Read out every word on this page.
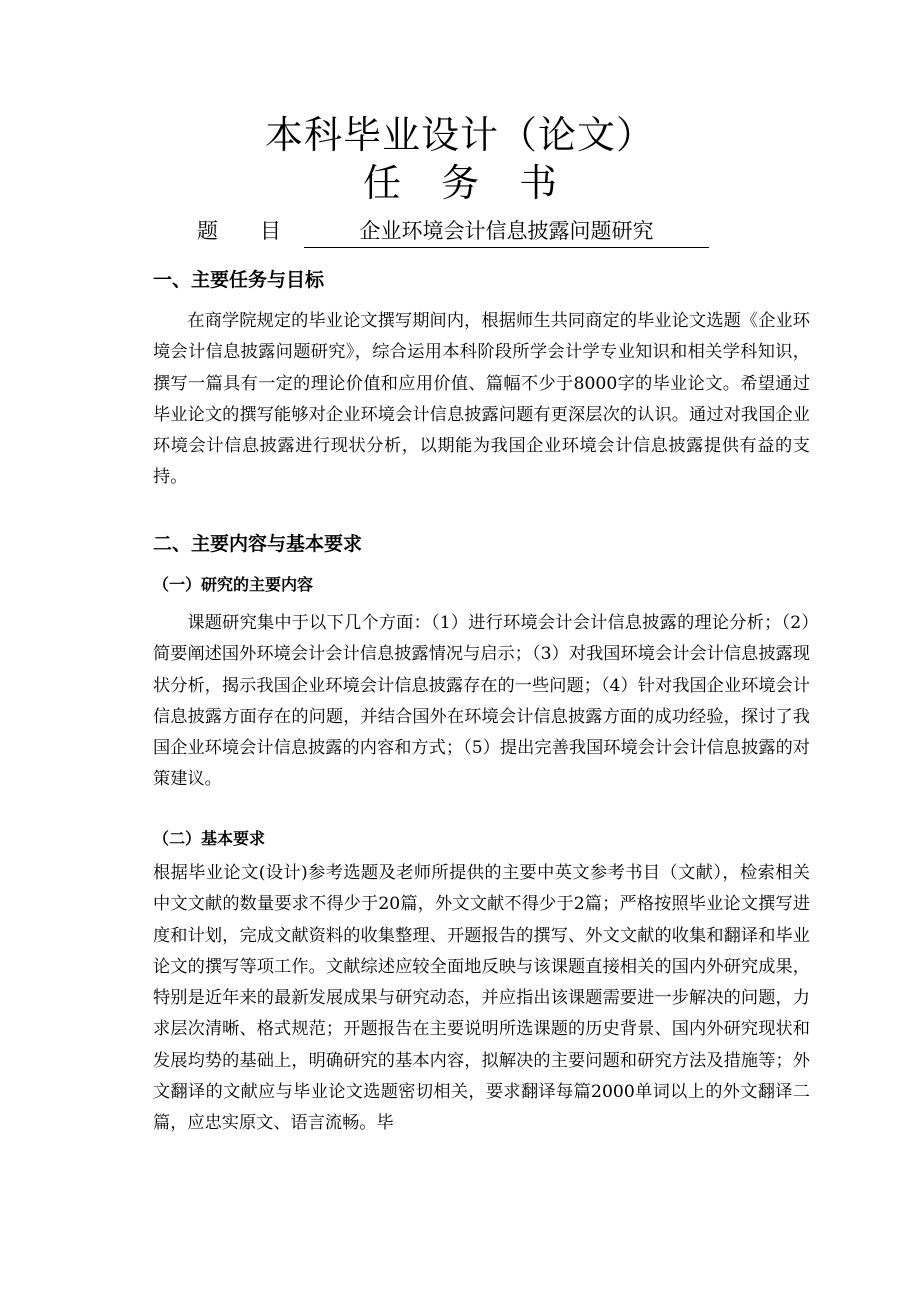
本科毕业设计（论文）
任 务 书
题 目	企业环境会计信息披露问题研究
一、主要任务与目标
在商学院规定的毕业论文撰写期间内，根据师生共同商定的毕业论文选题《企业环境会计信息披露问题研究》，综合运用本科阶段所学会计学专业知识和相关学科知识，撰写一篇具有一定的理论价值和应用价值、篇幅不少于8000字的毕业论文。希望通过毕业论文的撰写能够对企业环境会计信息披露问题有更深层次的认识。通过对我国企业环境会计信息披露进行现状分析，以期能为我国企业环境会计信息披露提供有益的支持。
二、主要内容与基本要求
（一）研究的主要内容
课题研究集中于以下几个方面：（1）进行环境会计会计信息披露的理论分析；（2）简要阐述国外环境会计会计信息披露情况与启示；（3）对我国环境会计会计信息披露现状分析，揭示我国企业环境会计信息披露存在的一些问题；（4）针对我国企业环境会计信息披露方面存在的问题，并结合国外在环境会计信息披露方面的成功经验，探讨了我国企业环境会计信息披露的内容和方式；（5）提出完善我国环境会计会计信息披露的对策建议。
（二）基本要求
根据毕业论文(设计)参考选题及老师所提供的主要中英文参考书目（文献），检索相关中文文献的数量要求不得少于20篇，外文文献不得少于2篇；严格按照毕业论文撰写进度和计划，完成文献资料的收集整理、开题报告的撰写、外文文献的收集和翻译和毕业论文的撰写等项工作。文献综述应较全面地反映与该课题直接相关的国内外研究成果，特别是近年来的最新发展成果与研究动态，并应指出该课题需要进一步解决的问题，力求层次清晰、格式规范；开题报告在主要说明所选课题的历史背景、国内外研究现状和发展均势的基础上，明确研究的基本内容，拟解决的主要问题和研究方法及措施等；外文翻译的文献应与毕业论文选题密切相关，要求翻译每篇2000单词以上的外文翻译二篇，应忠实原文、语言流畅。毕
